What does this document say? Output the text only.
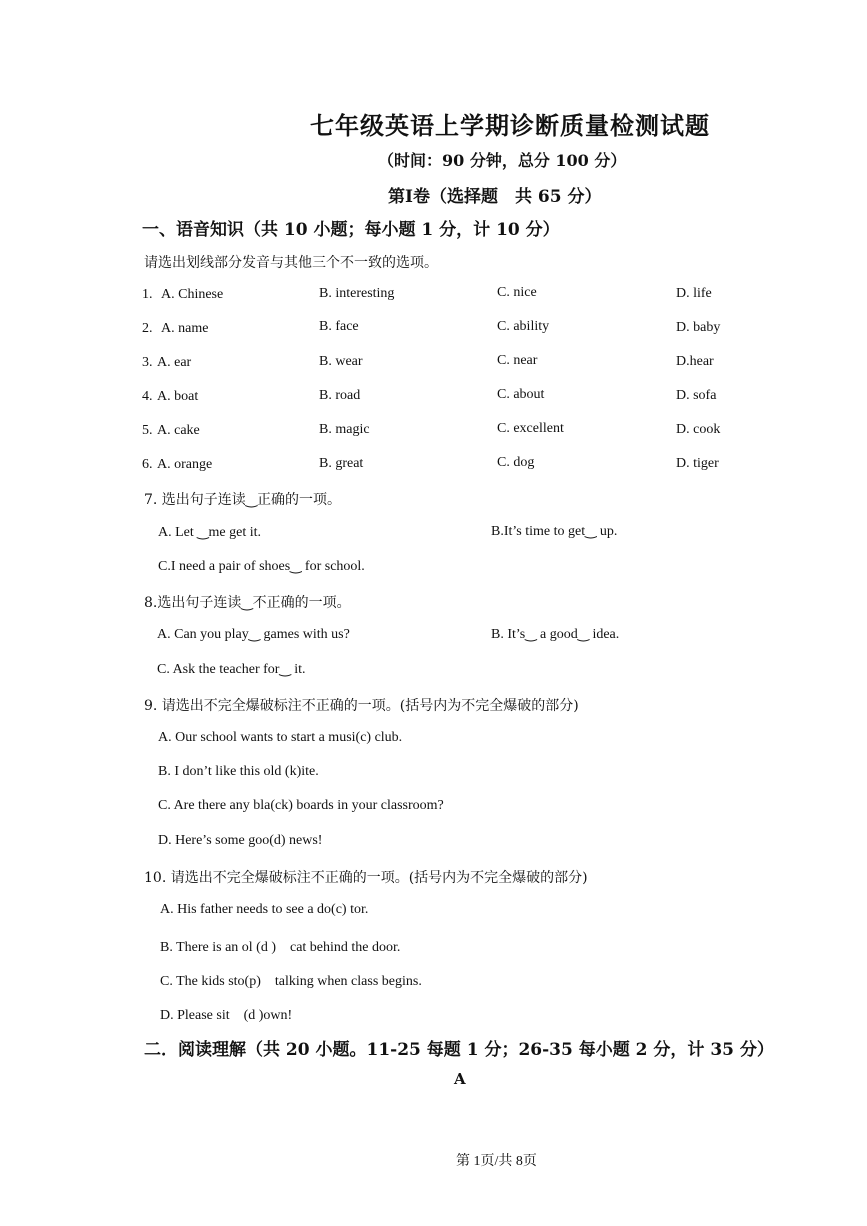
七年级英语上学期诊断质量检测试题
（时间：90 分钟，总分 100 分）
第Ⅰ卷（选择题　共 65 分）
一、语音知识（共 10 小题；每小题 1 分，计 10 分）
请选出划线部分发音与其他三个不一致的选项。
1. A. Chinese	B. interesting	C. nice	D. life
2. A. name	B. face	C. ability	D. baby
3. A. ear	B. wear	C. near	D.hear
4. A. boat	B. road	C. about	D. sofa
5. A. cake	B. magic	C. excellent	D. cook
6. A. orange	B. great	C. dog	D. tiger
7. 选出句子连读‿正确的一项。
A. Let ‿me get it.	B.It’s time to get‿ up.
C.I need a pair of shoes‿ for school.
8.选出句子连读‿不正确的一项。
A. Can you play‿ games with us?	B. It’s‿ a good‿ idea.
C. Ask the teacher for‿ it.
9. 请选出不完全爆破标注不正确的一项。(括号内为不完全爆破的部分)
A. Our school wants to start a musi(c) club.
B. I don’t like this old (k)ite.
C. Are there any bla(ck) boards in your classroom?
D. Here’s some goo(d) news!
10. 请选出不完全爆破标注不正确的一项。(括号内为不完全爆破的部分)
A. His father needs to see a do(c) tor.
B. There is an ol (d )　cat behind the door.
C. The kids sto(p)　talking when class begins.
D. Please sit　(d )own!
二．阅读理解（共 20 小题。11-25 每题 1 分；26-35 每小题 2 分，计 35 分）
A
第 1页/共 8页
